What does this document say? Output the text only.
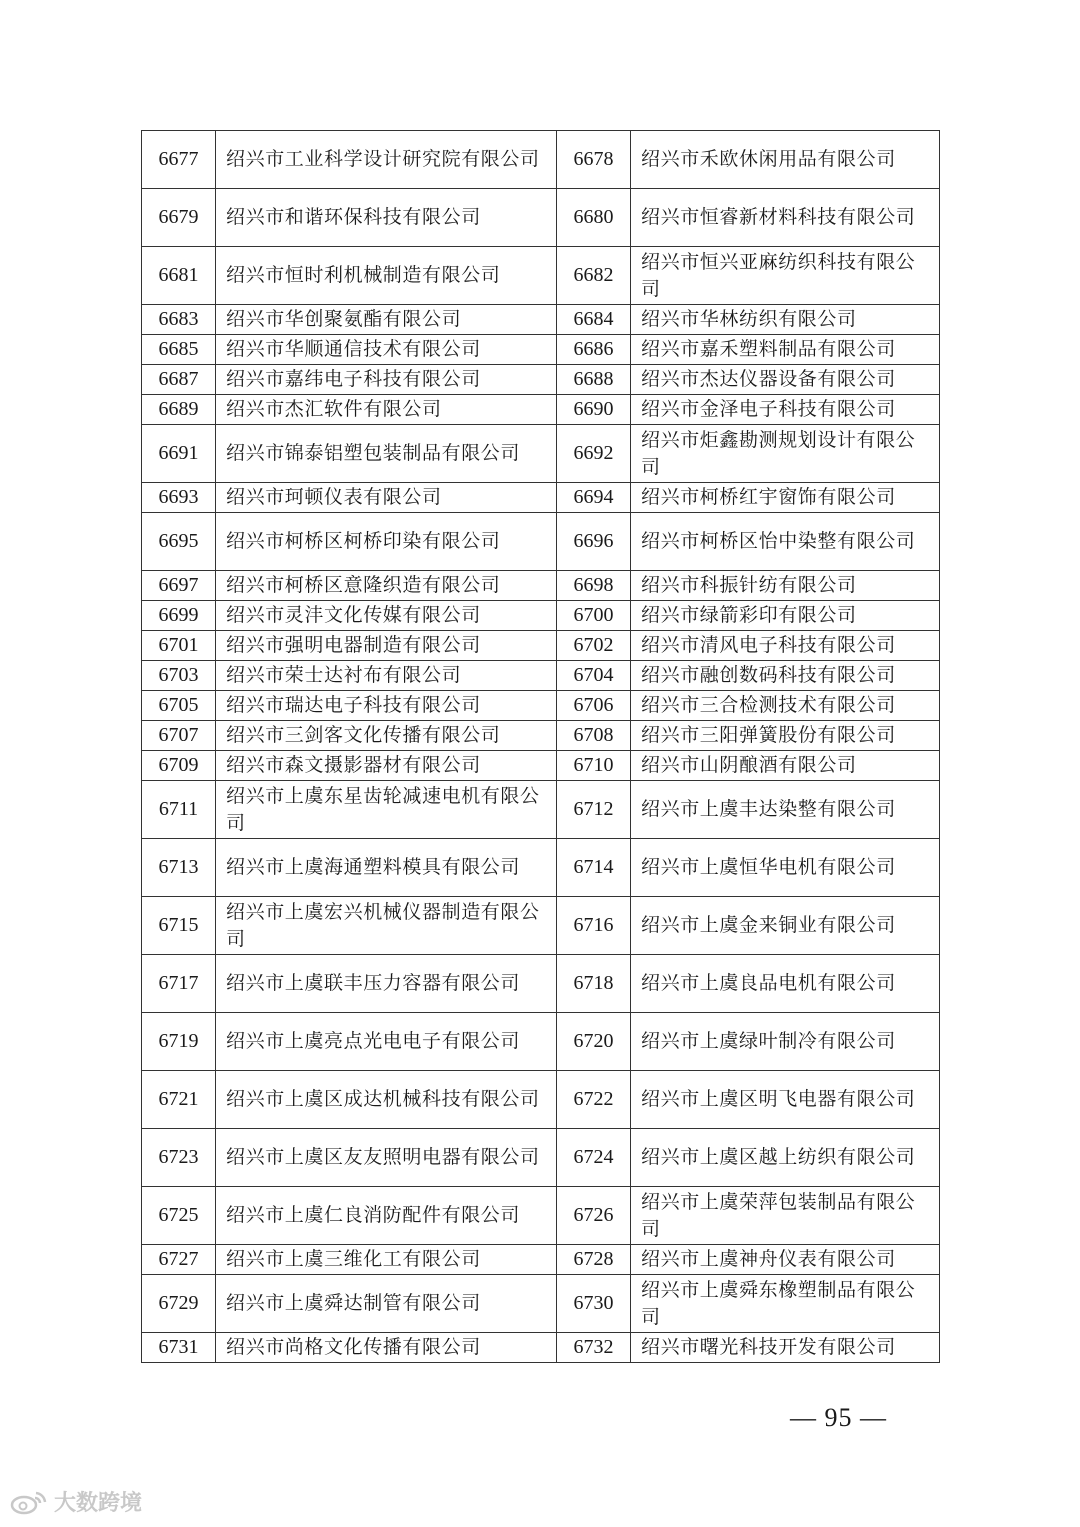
6677	绍兴市工业科学设计研究院有限公司	6678	绍兴市禾欧休闲用品有限公司
6679	绍兴市和谐环保科技有限公司	6680	绍兴市恒睿新材料科技有限公司
6681	绍兴市恒时利机械制造有限公司	6682	绍兴市恒兴亚麻纺织科技有限公司
6683	绍兴市华创聚氨酯有限公司	6684	绍兴市华林纺织有限公司
6685	绍兴市华顺通信技术有限公司	6686	绍兴市嘉禾塑料制品有限公司
6687	绍兴市嘉纬电子科技有限公司	6688	绍兴市杰达仪器设备有限公司
6689	绍兴市杰汇软件有限公司	6690	绍兴市金泽电子科技有限公司
6691	绍兴市锦泰铝塑包装制品有限公司	6692	绍兴市炬鑫勘测规划设计有限公司
6693	绍兴市珂顿仪表有限公司	6694	绍兴市柯桥红宇窗饰有限公司
6695	绍兴市柯桥区柯桥印染有限公司	6696	绍兴市柯桥区怡中染整有限公司
6697	绍兴市柯桥区意隆织造有限公司	6698	绍兴市科振针纺有限公司
6699	绍兴市灵沣文化传媒有限公司	6700	绍兴市绿箭彩印有限公司
6701	绍兴市强明电器制造有限公司	6702	绍兴市清风电子科技有限公司
6703	绍兴市荣士达衬布有限公司	6704	绍兴市融创数码科技有限公司
6705	绍兴市瑞达电子科技有限公司	6706	绍兴市三合检测技术有限公司
6707	绍兴市三剑客文化传播有限公司	6708	绍兴市三阳弹簧股份有限公司
6709	绍兴市森文摄影器材有限公司	6710	绍兴市山阴酿酒有限公司
6711	绍兴市上虞东星齿轮减速电机有限公司	6712	绍兴市上虞丰达染整有限公司
6713	绍兴市上虞海通塑料模具有限公司	6714	绍兴市上虞恒华电机有限公司
6715	绍兴市上虞宏兴机械仪器制造有限公司	6716	绍兴市上虞金来铜业有限公司
6717	绍兴市上虞联丰压力容器有限公司	6718	绍兴市上虞良品电机有限公司
6719	绍兴市上虞亮点光电电子有限公司	6720	绍兴市上虞绿叶制冷有限公司
6721	绍兴市上虞区成达机械科技有限公司	6722	绍兴市上虞区明飞电器有限公司
6723	绍兴市上虞区友友照明电器有限公司	6724	绍兴市上虞区越上纺织有限公司
6725	绍兴市上虞仁良消防配件有限公司	6726	绍兴市上虞荣萍包装制品有限公司
6727	绍兴市上虞三维化工有限公司	6728	绍兴市上虞神舟仪表有限公司
6729	绍兴市上虞舜达制管有限公司	6730	绍兴市上虞舜东橡塑制品有限公司
6731	绍兴市尚格文化传播有限公司	6732	绍兴市曙光科技开发有限公司
— 95 —
大数跨境
